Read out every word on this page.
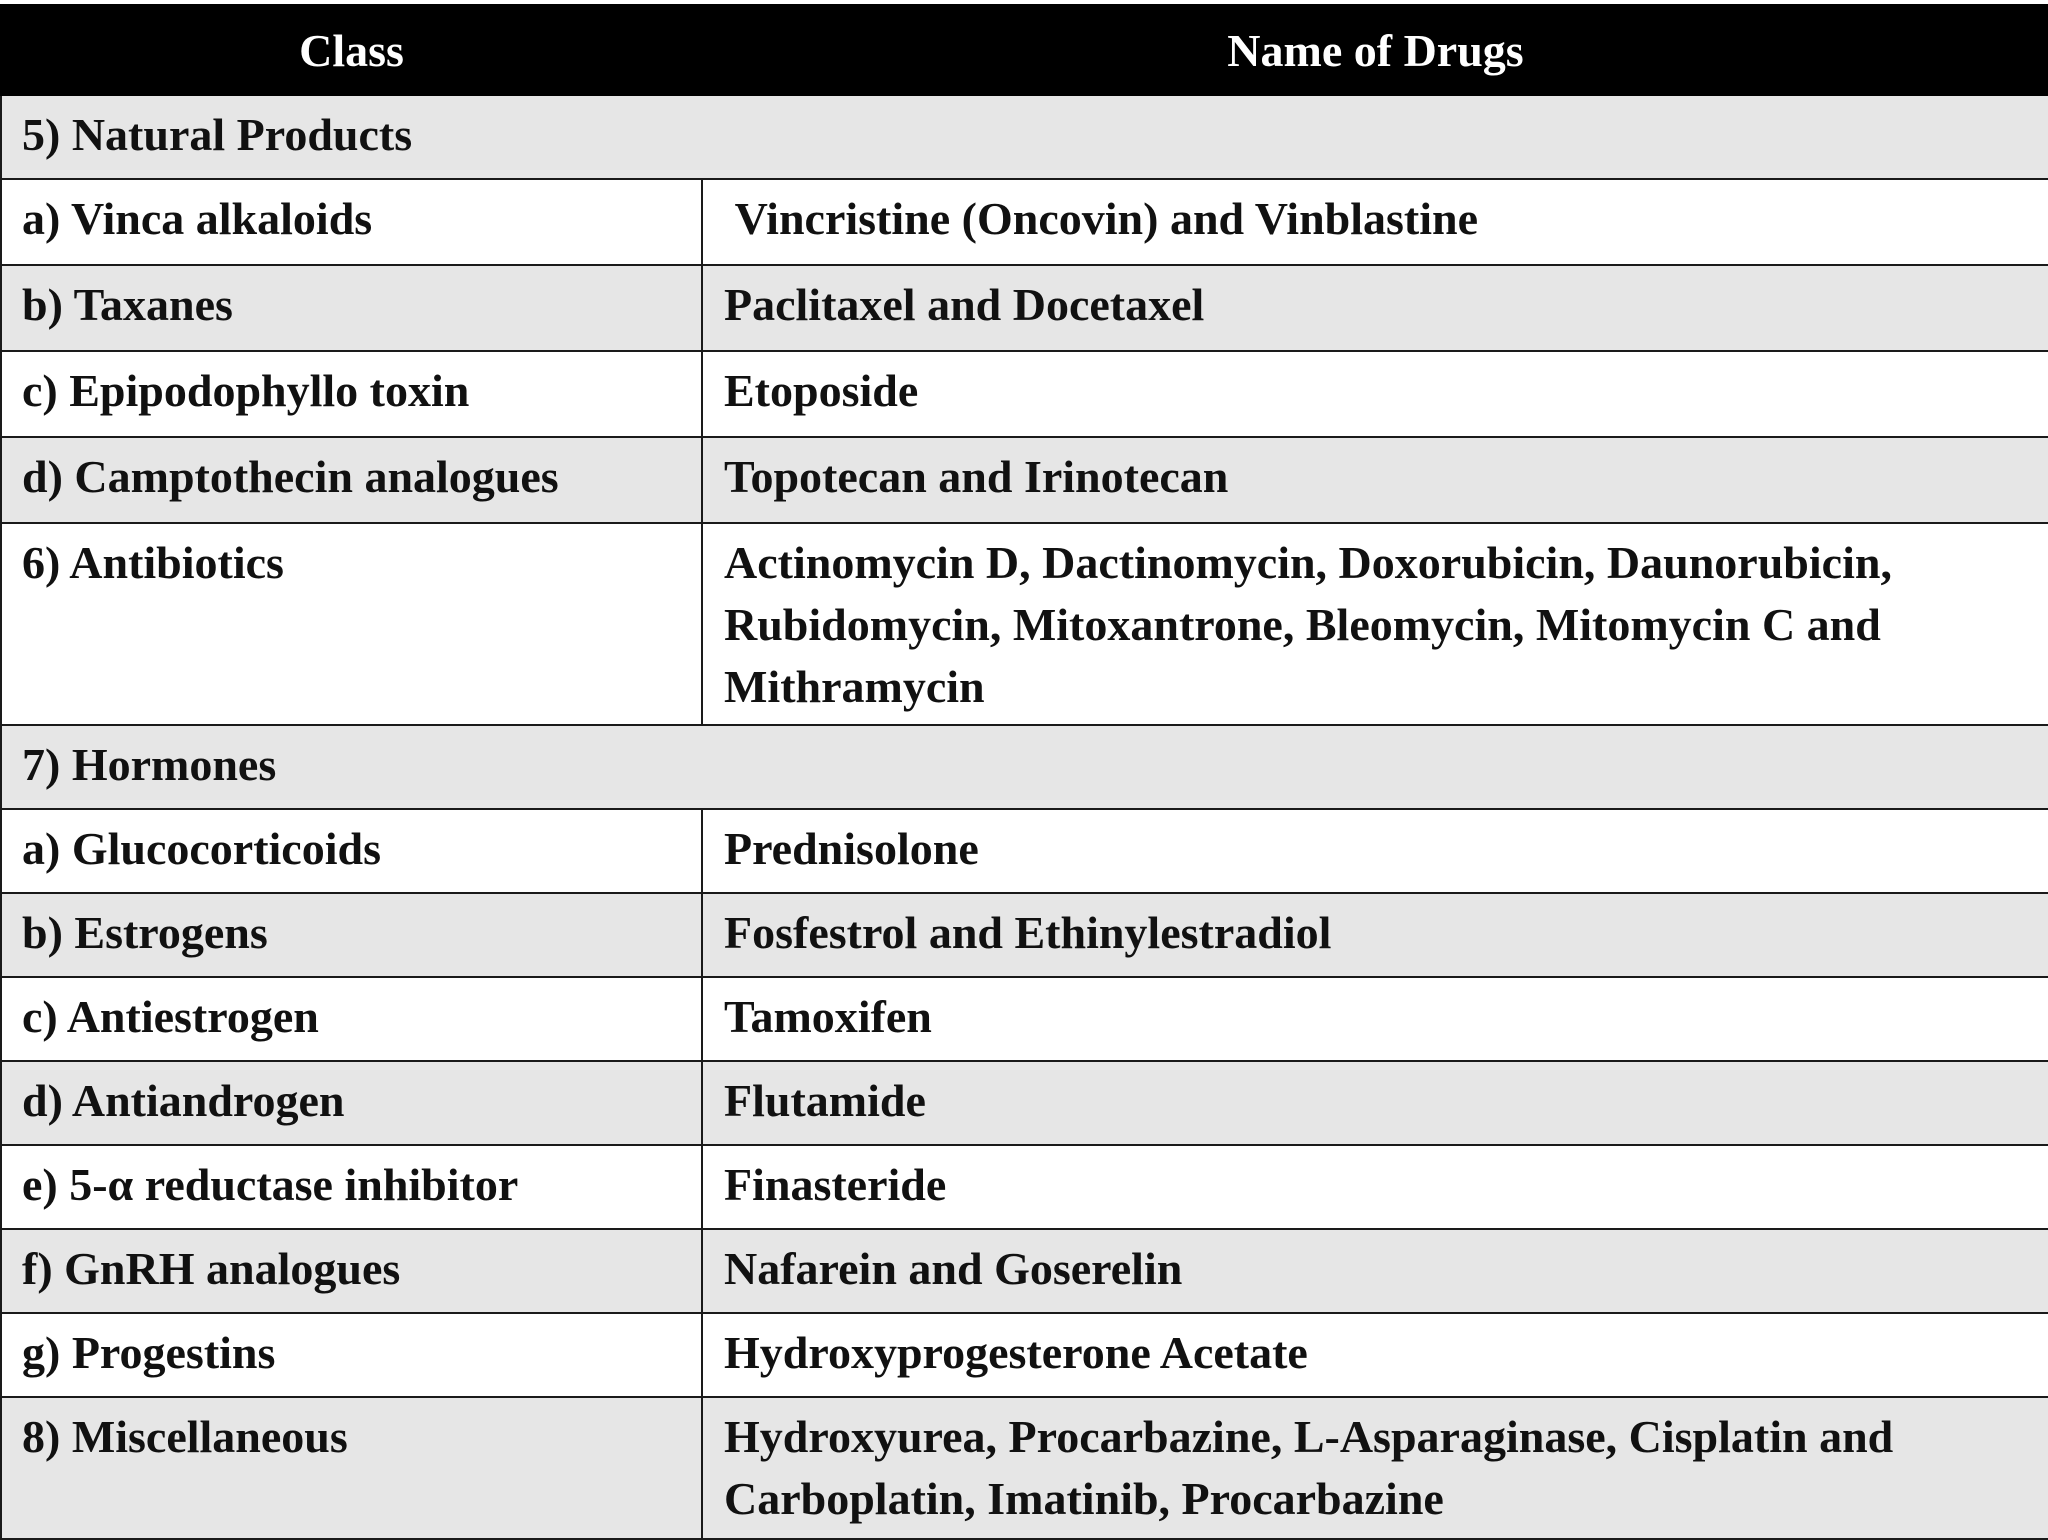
Class	Name of Drugs
5) Natural Products	
a) Vinca alkaloids	Vincristine (Oncovin) and Vinblastine
b) Taxanes	Paclitaxel and Docetaxel
c) Epipodophyllo toxin	Etoposide
d) Camptothecin analogues	Topotecan and Irinotecan
6) Antibiotics	Actinomycin D, Dactinomycin, Doxorubicin, Daunorubicin, Rubidomycin, Mitoxantrone, Bleomycin, Mitomycin C and Mithramycin
7) Hormones	
a) Glucocorticoids	Prednisolone
b) Estrogens	Fosfestrol and Ethinylestradiol
c) Antiestrogen	Tamoxifen
d) Antiandrogen	Flutamide
e) 5-α reductase inhibitor	Finasteride
f) GnRH analogues	Nafarein and Goserelin
g) Progestins	Hydroxyprogesterone Acetate
8) Miscellaneous	Hydroxyurea, Procarbazine, L-Asparaginase, Cisplatin and Carboplatin, Imatinib, Procarbazine
